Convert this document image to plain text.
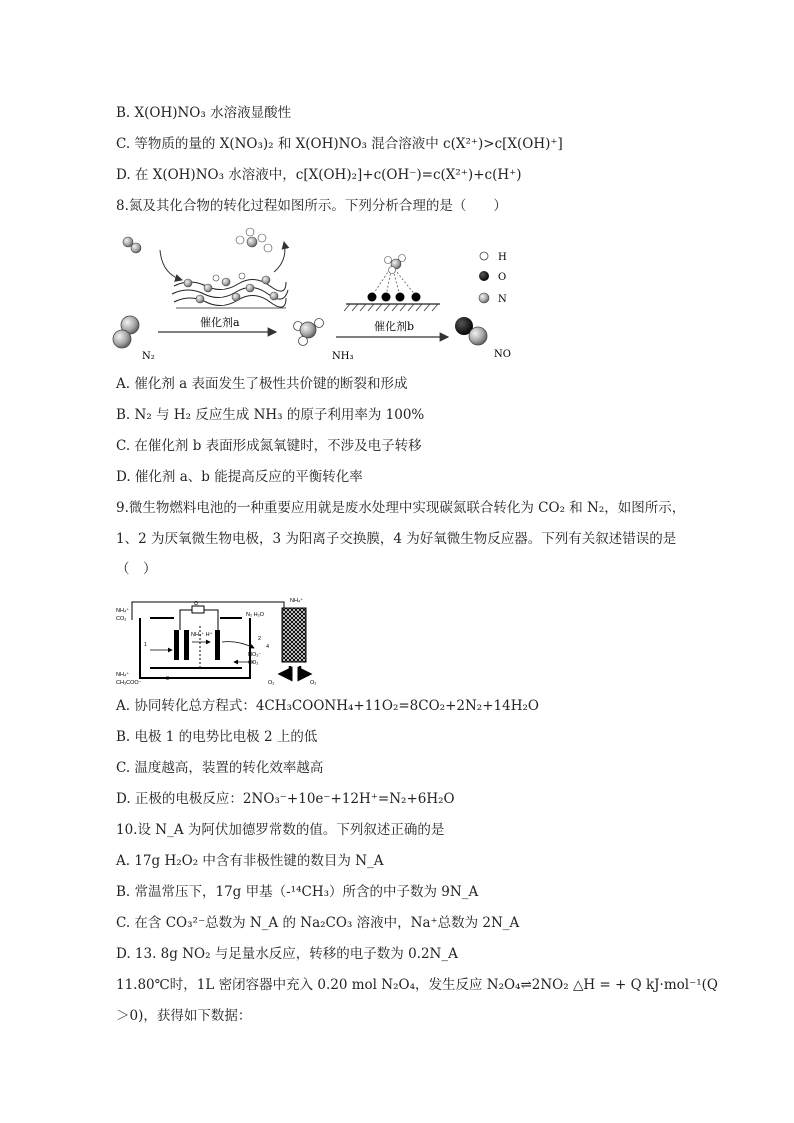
B. X(OH)NO₃ 水溶液显酸性
C. 等物质的量的 X(NO₃)₂ 和 X(OH)NO₃ 混合溶液中 c(X²⁺)>c[X(OH)⁺]
D. 在 X(OH)NO₃ 水溶液中，c[X(OH)₂]+c(OH⁻)=c(X²⁺)+c(H⁺)
8.氮及其化合物的转化过程如图所示。下列分析合理的是（　　）
N₂
催化剂a
NH₃
催化剂b
NO
H
O
N
A. 催化剂 a 表面发生了极性共价键的断裂和形成
B. N₂ 与 H₂ 反应生成 NH₃ 的原子利用率为 100%
C. 在催化剂 b 表面形成氮氧键时，不涉及电子转移
D. 催化剂 a、b 能提高反应的平衡转化率
9.微生物燃料电池的一种重要应用就是废水处理中实现碳氮联合转化为 CO₂ 和 N₂，如图所示，
1、2 为厌氧微生物电极，3 为阳离子交换膜，4 为好氧微生物反应器。下列有关叙述错误的是
（　）
Ω
NH₄⁺
CO₂
N₂ H₂O
NH₄⁺
NH₄⁺ H⁺
1
2
3
4
NO₃⁻
CO₂
NH₄⁺
CH₃COO⁻	O₂	O₂
A. 协同转化总方程式：4CH₃COONH₄+11O₂=8CO₂+2N₂+14H₂O
B. 电极 1 的电势比电极 2 上的低
C. 温度越高，装置的转化效率越高
D. 正极的电极反应：2NO₃⁻+10e⁻+12H⁺=N₂+6H₂O
10.设 N_A 为阿伏加德罗常数的值。下列叙述正确的是
A. 17g H₂O₂ 中含有非极性键的数目为 N_A
B. 常温常压下，17g 甲基（-¹⁴CH₃）所含的中子数为 9N_A
C. 在含 CO₃²⁻总数为 N_A 的 Na₂CO₃ 溶液中，Na⁺总数为 2N_A
D. 13. 8g NO₂ 与足量水反应，转移的电子数为 0.2N_A
11.80℃时，1L 密闭容器中充入 0.20 mol N₂O₄，发生反应 N₂O₄⇌2NO₂ △H = + Q kJ·mol⁻¹(Q
＞0)，获得如下数据：
